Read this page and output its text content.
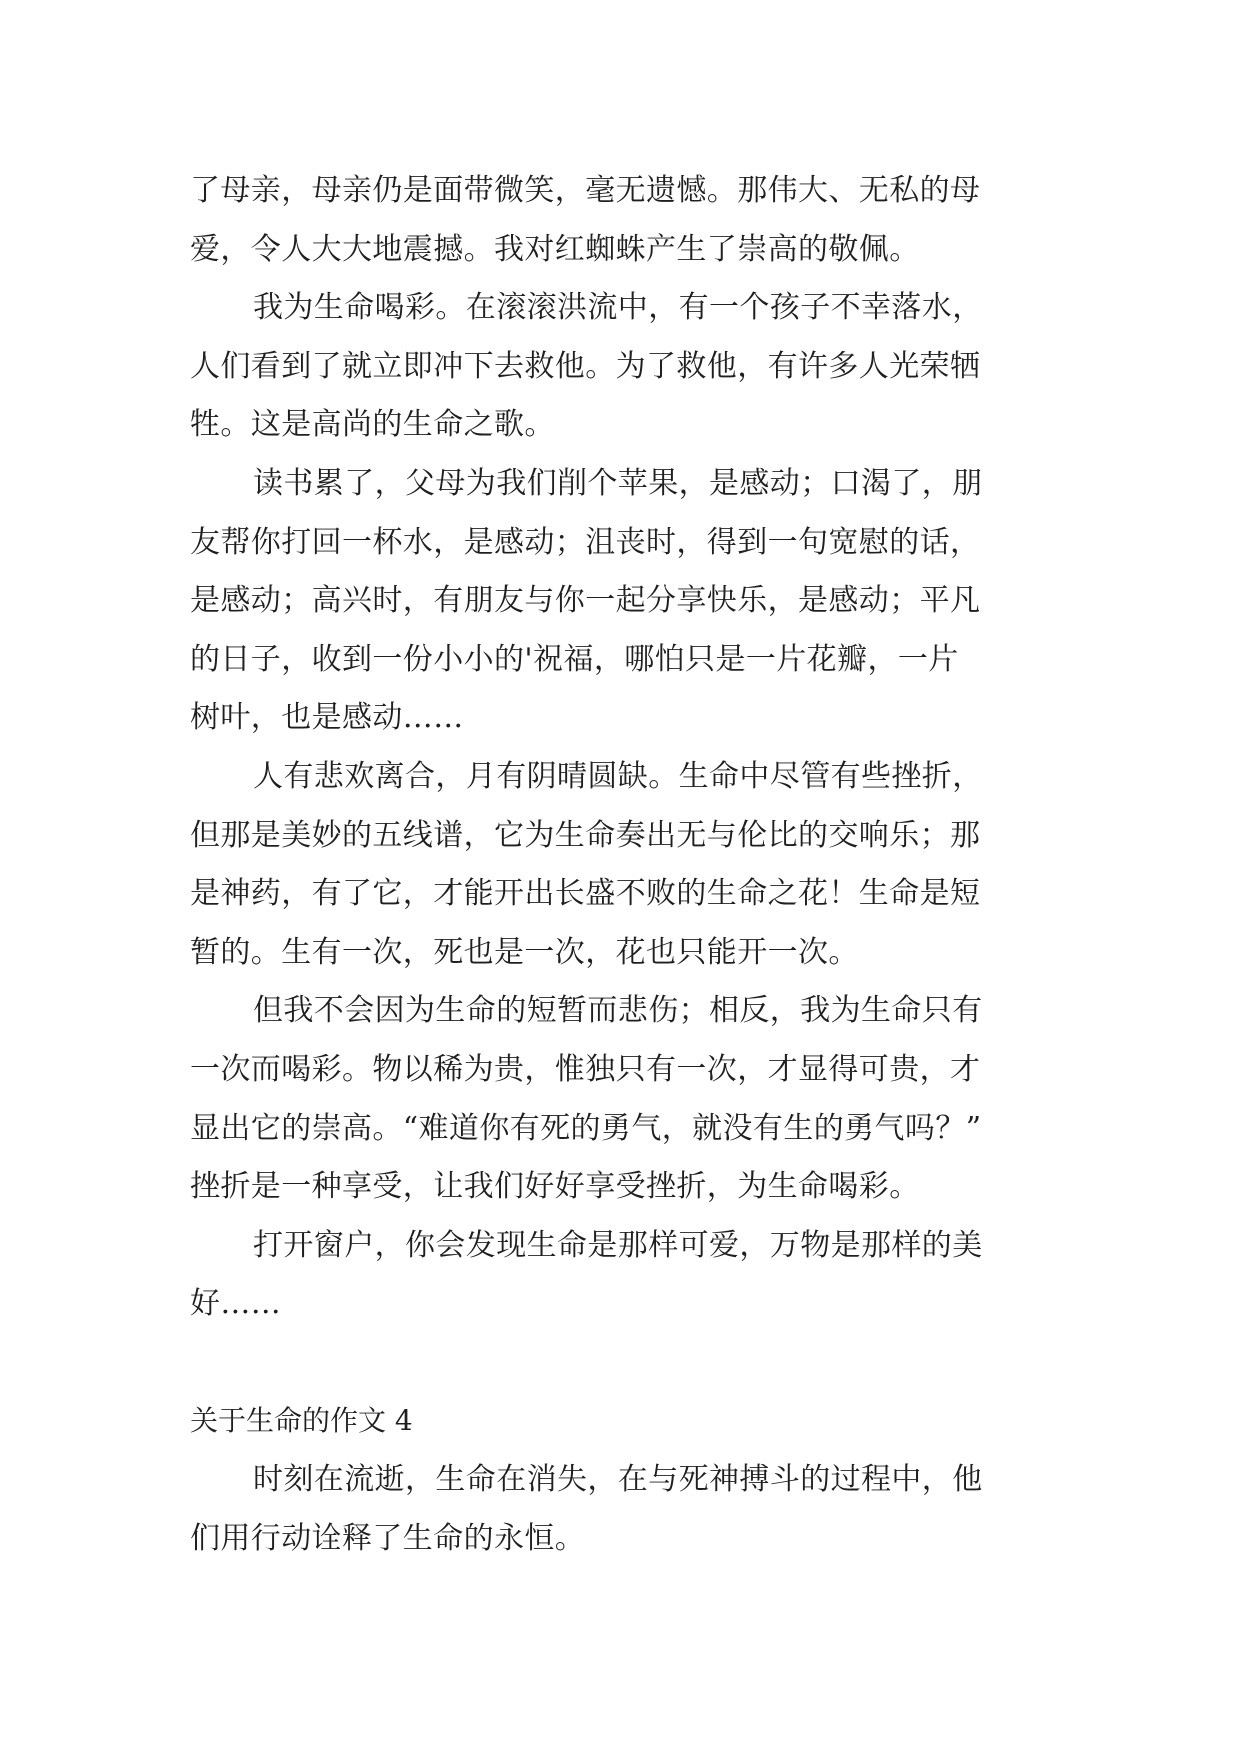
了母亲，母亲仍是面带微笑，毫无遗憾。那伟大、无私的母
爱，令人大大地震撼。我对红蜘蛛产生了崇高的敬佩。
我为生命喝彩。在滚滚洪流中，有一个孩子不幸落水，
人们看到了就立即冲下去救他。为了救他，有许多人光荣牺
牲。这是高尚的生命之歌。
读书累了，父母为我们削个苹果，是感动；口渴了，朋
友帮你打回一杯水，是感动；沮丧时，得到一句宽慰的话，
是感动；高兴时，有朋友与你一起分享快乐，是感动；平凡
的日子，收到一份小小的'祝福，哪怕只是一片花瓣，一片
树叶，也是感动……
人有悲欢离合，月有阴晴圆缺。生命中尽管有些挫折，
但那是美妙的五线谱，它为生命奏出无与伦比的交响乐；那
是神药，有了它，才能开出长盛不败的生命之花！生命是短
暂的。生有一次，死也是一次，花也只能开一次。
但我不会因为生命的短暂而悲伤；相反，我为生命只有
一次而喝彩。物以稀为贵，惟独只有一次，才显得可贵，才
显出它的崇高。“难道你有死的勇气，就没有生的勇气吗？”
挫折是一种享受，让我们好好享受挫折，为生命喝彩。
打开窗户，你会发现生命是那样可爱，万物是那样的美
好……
关于生命的作文 4
时刻在流逝，生命在消失，在与死神搏斗的过程中，他
们用行动诠释了生命的永恒。
